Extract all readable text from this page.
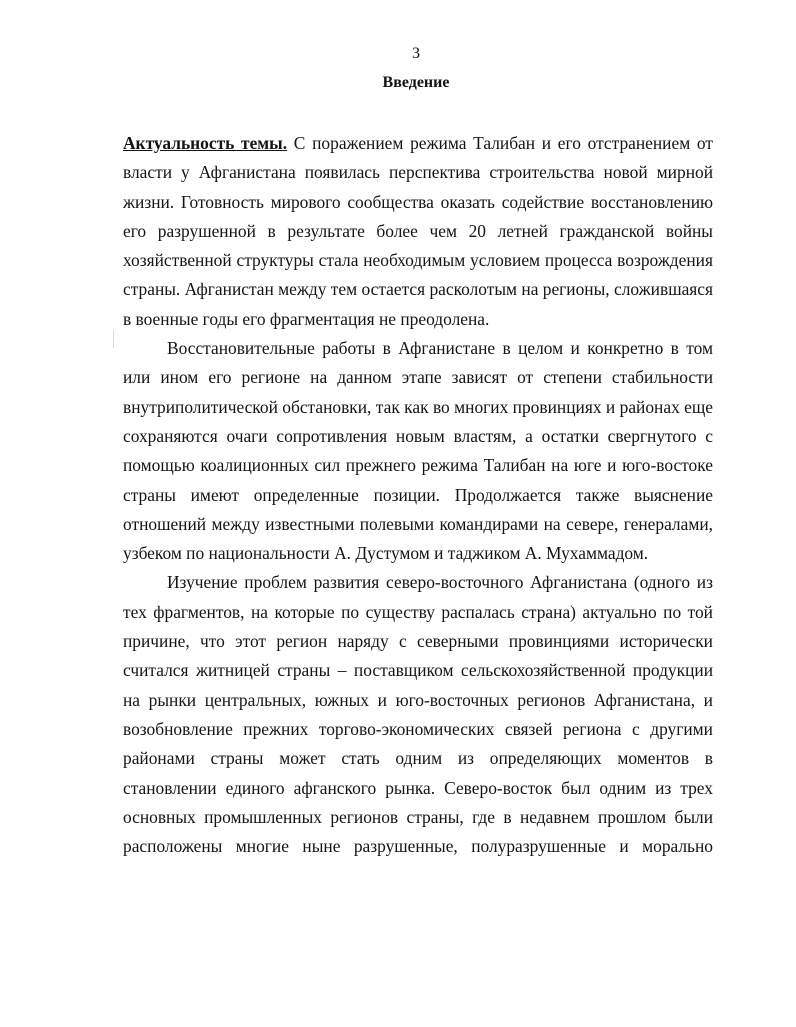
3
Введение

Актуальность темы. С поражением режима Талибан и его отстранением от власти у Афганистана появилась перспектива строительства новой мирной жизни. Готовность мирового сообщества оказать содействие восстановлению его разрушенной в результате более чем 20 летней гражданской войны хозяйственной структуры стала необходимым условием процесса возрождения страны. Афганистан между тем остается расколотым на регионы, сложившаяся в военные годы его фрагментация не преодолена.

Восстановительные работы в Афганистане в целом и конкретно в том или ином его регионе на данном этапе зависят от степени стабильности внутриполитической обстановки, так как во многих провинциях и районах еще сохраняются очаги сопротивления новым властям, а остатки свергнутого с помощью коалиционных сил прежнего режима Талибан на юге и юго-востоке страны имеют определенные позиции. Продолжается также выяснение отношений между известными полевыми командирами на севере, генералами, узбеком по национальности А. Дустумом и таджиком А. Мухаммадом.

Изучение проблем развития северо-восточного Афганистана (одного из тех фрагментов, на которые по существу распалась страна) актуально по той причине, что этот регион наряду с северными провинциями исторически считался житницей страны – поставщиком сельскохозяйственной продукции на рынки центральных, южных и юго-восточных регионов Афганистана, и возобновление прежних торгово-экономических связей региона с другими районами страны может стать одним из определяющих моментов в становлении единого афганского рынка. Северо-восток был одним из трех основных промышленных регионов страны, где в недавнем прошлом были расположены многие ныне разрушенные, полуразрушенные и морально
